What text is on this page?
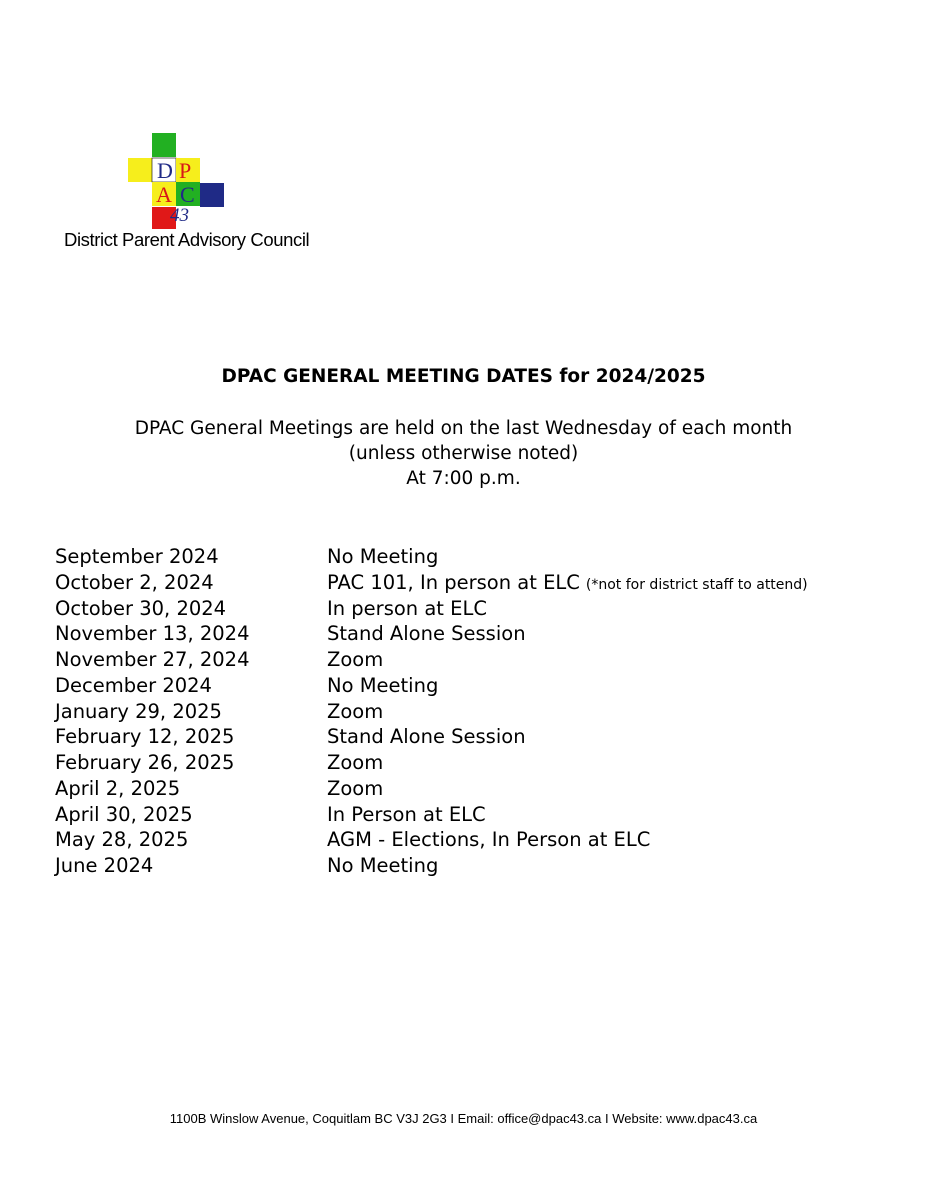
D P
A C
43
District Parent Advisory Council
DPAC GENERAL MEETING DATES for 2024/2025
DPAC General Meetings are held on the last Wednesday of each month
(unless otherwise noted)
At 7:00 p.m.
September 2024	No Meeting
October 2, 2024	PAC 101, In person at ELC (*not for district staff to attend)
October 30, 2024	In person at ELC
November 13, 2024	Stand Alone Session
November 27, 2024	Zoom
December 2024	No Meeting
January 29, 2025	Zoom
February 12, 2025	Stand Alone Session
February 26, 2025	Zoom
April 2, 2025	Zoom
April 30, 2025	In Person at ELC
May 28, 2025	AGM - Elections, In Person at ELC
June 2024	No Meeting
1100B Winslow Avenue, Coquitlam BC V3J 2G3 I Email: office@dpac43.ca I Website: www.dpac43.ca
